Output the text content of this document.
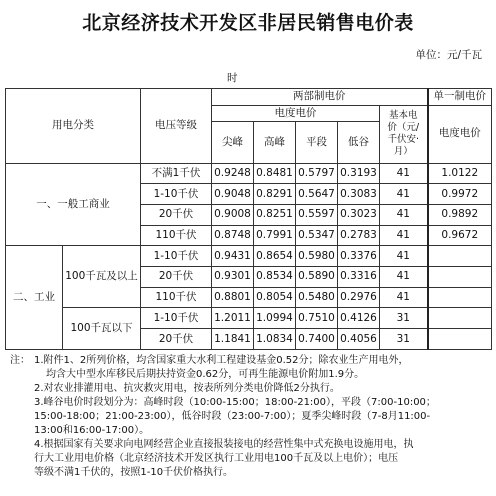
北京经济技术开发区非居民销售电价表
单位：元/千瓦
时
用电分类		电压等级	两部制电价					单一制电价
			电度电价				基本电价（元/千伏安·月）	电度电价
			尖峰	高峰	平段	低谷		
一、一般工商业		不满1千伏	0.9248	0.8481	0.5797	0.3193	41	1.0122
		1-10千伏	0.9048	0.8291	0.5647	0.3083	41	0.9972
		20千伏	0.9008	0.8251	0.5597	0.3023	41	0.9892
		110千伏	0.8748	0.7991	0.5347	0.2783	41	0.9672
二、工业	100千瓦及以上	1-10千伏	0.9431	0.8654	0.5980	0.3376	41	
		20千伏	0.9301	0.8534	0.5890	0.3316	41	
		110千伏	0.8801	0.8054	0.5480	0.2976	41	
	100千瓦以下	1-10千伏	1.2011	1.0994	0.7510	0.4126	31	
		20千伏	1.1841	1.0834	0.7400	0.4056	31	
注： 1.附件1、2所列价格，均含国家重大水利工程建设基金0.52分；除农业生产用电外，
均含大中型水库移民后期扶持资金0.62分，可再生能源电价附加1.9分。
2.对农业排灌用电、抗灾救灾用电，按表所列分类电价降低2分执行。
3.峰谷电价时段划分为：高峰时段（10:00-15:00；18:00-21:00），平段（7:00-10:00；
15:00-18:00；21:00-23:00），低谷时段（23:00-7:00）；夏季尖峰时段（7-8月11:00-
13:00和16:00-17:00）。
4.根据国家有关要求向电网经营企业直接报装接电的经营性集中式充换电设施用电，执
行大工业用电价格（北京经济技术开发区执行工业用电100千瓦及以上电价）；电压
等级不满1千伏的，按照1-10千伏价格执行。
